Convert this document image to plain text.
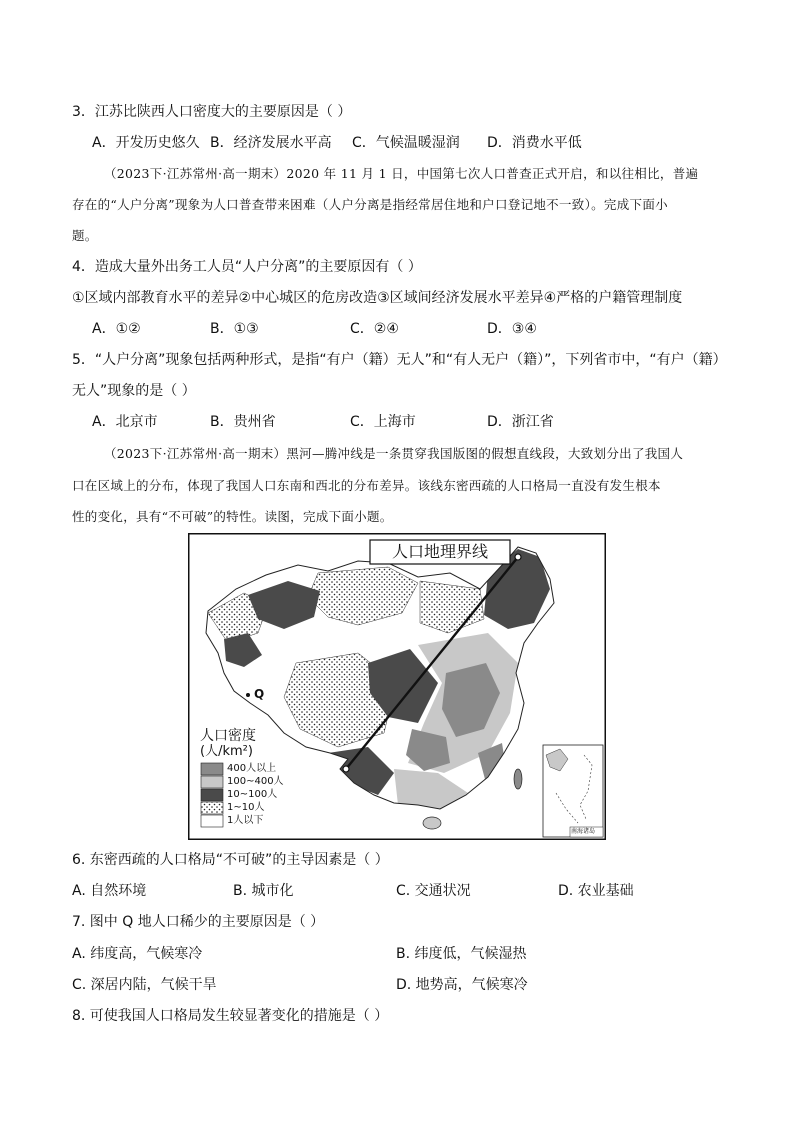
3．江苏比陕西人口密度大的主要原因是（ ）
A．开发历史悠久 B．经济发展水平高 C．气候温暖湿润 D．消费水平低
（2023下·江苏常州·高一期末）2020 年 11 月 1 日，中国第七次人口普查正式开启，和以往相比，普遍
存在的“人户分离”现象为人口普查带来困难（人户分离是指经常居住地和户口登记地不一致）。完成下面小
题。
4．造成大量外出务工人员“人户分离”的主要原因有（ ）
①区域内部教育水平的差异②中心城区的危房改造③区域间经济发展水平差异④严格的户籍管理制度
A．①②	B．①③	C．②④	D．③④
5．“人户分离”现象包括两种形式，是指“有户（籍）无人”和“有人无户（籍）”，下列省市中，“有户（籍）
无人”现象的是（ ）
A．北京市	B．贵州省	C．上海市	D．浙江省
（2023下·江苏常州·高一期末）黑河—腾冲线是一条贯穿我国版图的假想直线段，大致划分出了我国人
口在区域上的分布，体现了我国人口东南和西北的分布差异。该线东密西疏的人口格局一直没有发生根本
性的变化，具有“不可破”的特性。读图，完成下面小题。
人口地理界线
Q
人口密度
(人/km²)
400人以上
100~400人
10~100人
1~10人
1人以下
南海诸岛
6. 东密西疏的人口格局“不可破”的主导因素是（ ）
A. 自然环境	B. 城市化	C. 交通状况	D. 农业基础
7. 图中 Q 地人口稀少的主要原因是（ ）
A. 纬度高，气候寒冷	B. 纬度低，气候湿热
C. 深居内陆，气候干旱	D. 地势高，气候寒冷
8. 可使我国人口格局发生较显著变化的措施是（ ）
